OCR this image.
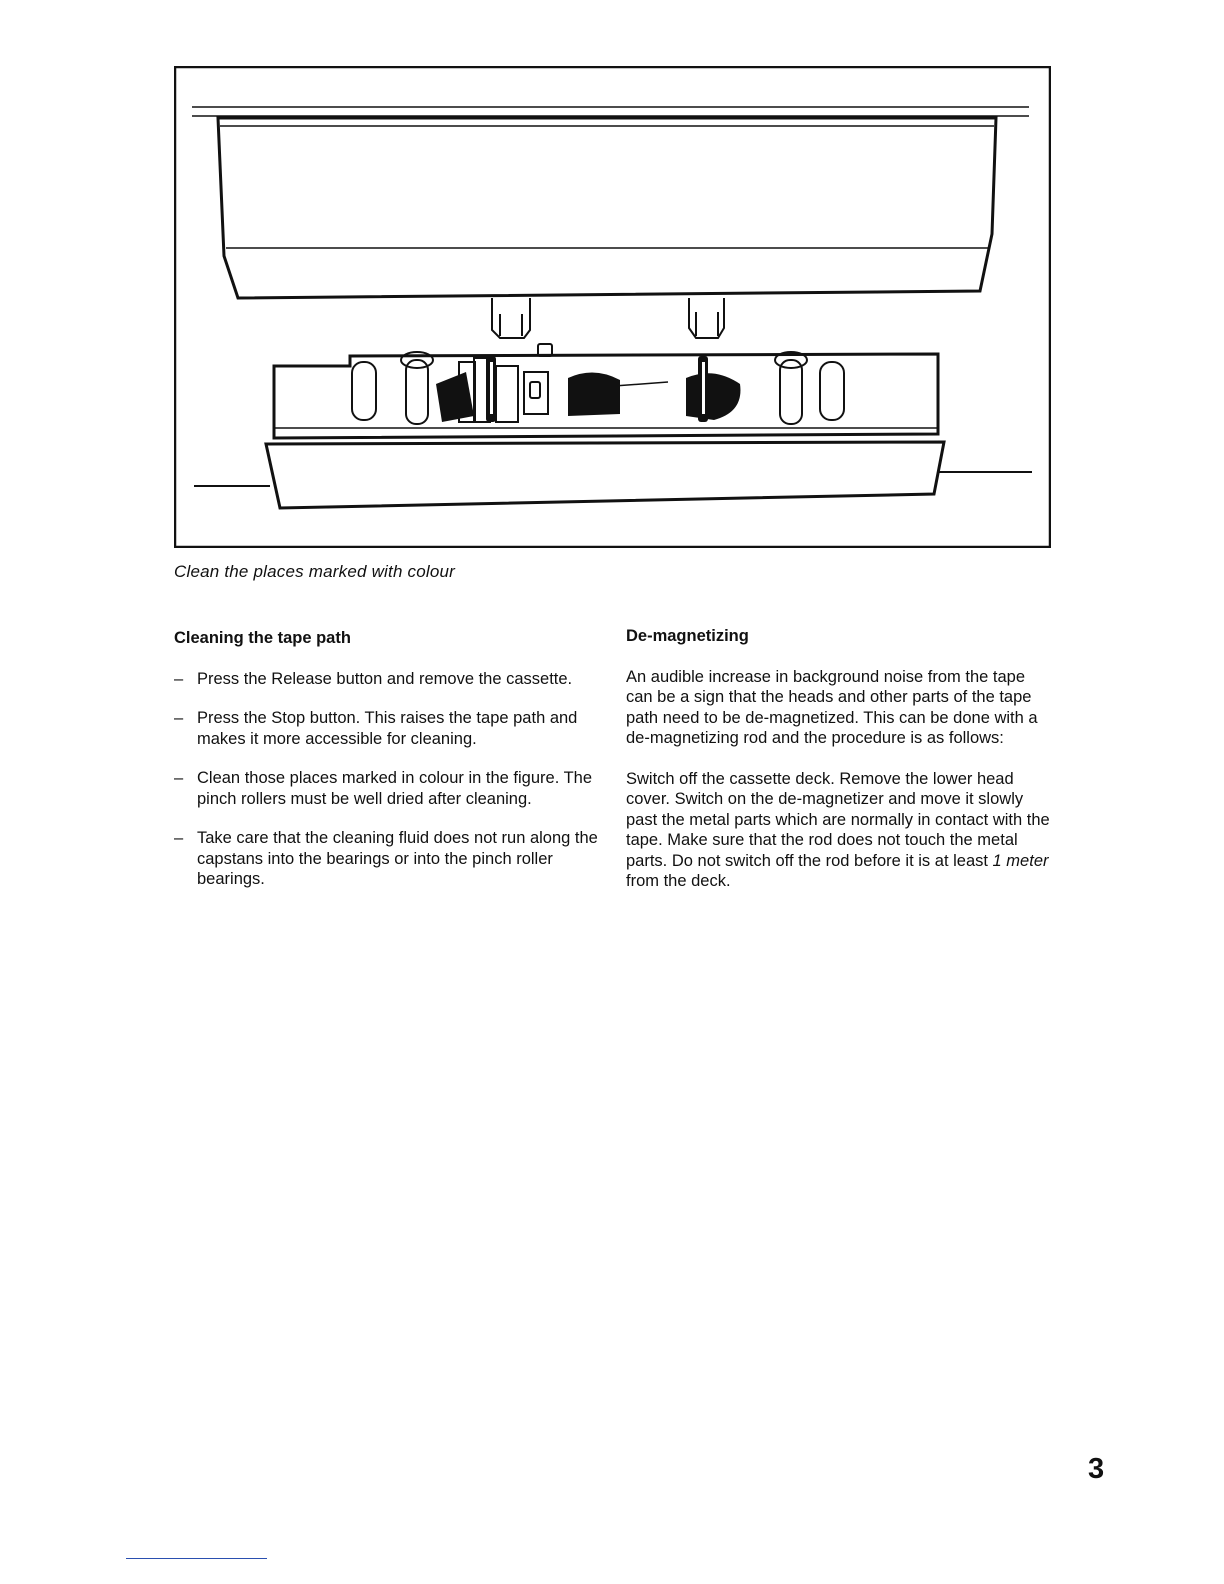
Clean the places marked with colour
Cleaning the tape path
– Press the Release button and remove the cassette.
– Press the Stop button. This raises the tape path and makes it more accessible for cleaning.
– Clean those places marked in colour in the figure. The pinch rollers must be well dried after cleaning.
– Take care that the cleaning fluid does not run along the capstans into the bearings or into the pinch roller bearings.
De-magnetizing

An audible increase in background noise from the tape can be a sign that the heads and other parts of the tape path need to be de-magnetized. This can be done with a de-magnetizing rod and the procedure is as follows:

Switch off the cassette deck. Remove the lower head cover. Switch on the de-magnetizer and move it slowly past the metal parts which are normally in contact with the tape. Make sure that the rod does not touch the metal parts. Do not switch off the rod before it is at least 1 meter from the deck.

3
